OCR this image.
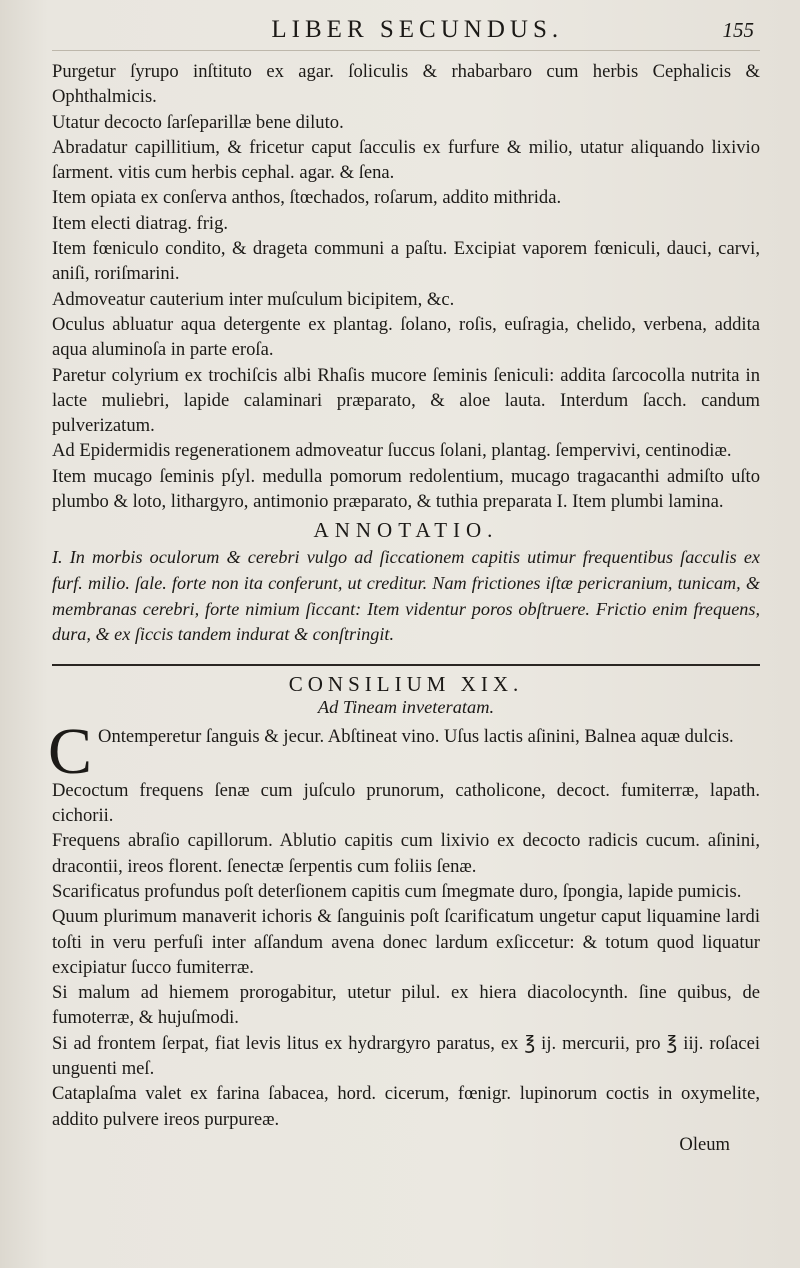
LIBER SECUNDUS.	155

Purgetur ſyrupo inſtituto ex agar. ſoliculis & rhabarbaro cum herbis Cephalicis & Ophthalmicis.

Utatur decocto ſarſeparillæ bene diluto.

Abradatur capillitium, & fricetur caput ſacculis ex furfure & milio, utatur aliquando lixivio ſarment. vitis cum herbis cephal. agar. & ſena.

Item opiata ex conſerva anthos, ſtœchados, roſarum, addito mithrida.

Item electi diatrag. frig.

Item fœniculo condito, & drageta communi a paſtu. Excipiat vaporem fœniculi, dauci, carvi, aniſi, roriſmarini.

Admoveatur cauterium inter muſculum bicipitem, &c.

Oculus abluatur aqua detergente ex plantag. ſolano, roſis, euſragia, chelido, verbena, addita aqua aluminoſa in parte eroſa.

Paretur colyrium ex trochiſcis albi Rhaſis mucore ſeminis ſeniculi: addita ſarcocolla nutrita in lacte muliebri, lapide calaminari præparato, & aloe lauta. Interdum ſacch. candum pulverizatum.

Ad Epidermidis regenerationem admoveatur ſuccus ſolani, plantag. ſempervivi, centinodiæ.

Item mucago ſeminis pſyl. medulla pomorum redolentium, mucago tragacanthi admiſto uſto plumbo & loto, lithargyro, antimonio præparato, & tuthia preparata I. Item plumbi lamina.

ANNOTATIO.

I. In morbis oculorum & cerebri vulgo ad ſiccationem capitis utimur frequentibus ſacculis ex furf. milio. ſale. forte non ita conferunt, ut creditur. Nam frictiones iſtæ pericranium, tunicam, & membranas cerebri, forte nimium ſiccant: Item videntur poros obſtruere. Frictio enim frequens, dura, & ex ſiccis tandem indurat & conſtringit.

CONSILIUM XIX.
Ad Tineam inveteratam.
C Ontemperetur ſanguis & jecur. Abſtineat vino. Uſus lactis aſinini, Balnea aquæ dulcis.

Decoctum frequens ſenæ cum juſculo prunorum, catholicone, decoct. fumiterræ, lapath. cichorii.

Frequens abraſio capillorum. Ablutio capitis cum lixivio ex decocto radicis cucum. aſinini, dracontii, ireos florent. ſenectæ ſerpentis cum foliis ſenæ.

Scarificatus profundus poſt deterſionem capitis cum ſmegmate duro, ſpongia, lapide pumicis.

Quum plurimum manaverit ichoris & ſanguinis poſt ſcarificatum ungetur caput liquamine lardi toſti in veru perfuſi inter aſſandum avena donec lardum exſiccetur: & totum quod liquatur excipiatur ſucco fumiterræ.

Si malum ad hiemem prorogabitur, utetur pilul. ex hiera diacolocynth. ſine quibus, de fumoterræ, & hujuſmodi.

Si ad frontem ſerpat, fiat levis litus ex hydrargyro paratus, ex ℥ ij. mercurii, pro ℥ iij. roſacei unguenti meſ.

Cataplaſma valet ex farina ſabacea, hord. cicerum, fœnigr. lupinorum coctis in oxymelite, addito pulvere ireos purpureæ.

Oleum
